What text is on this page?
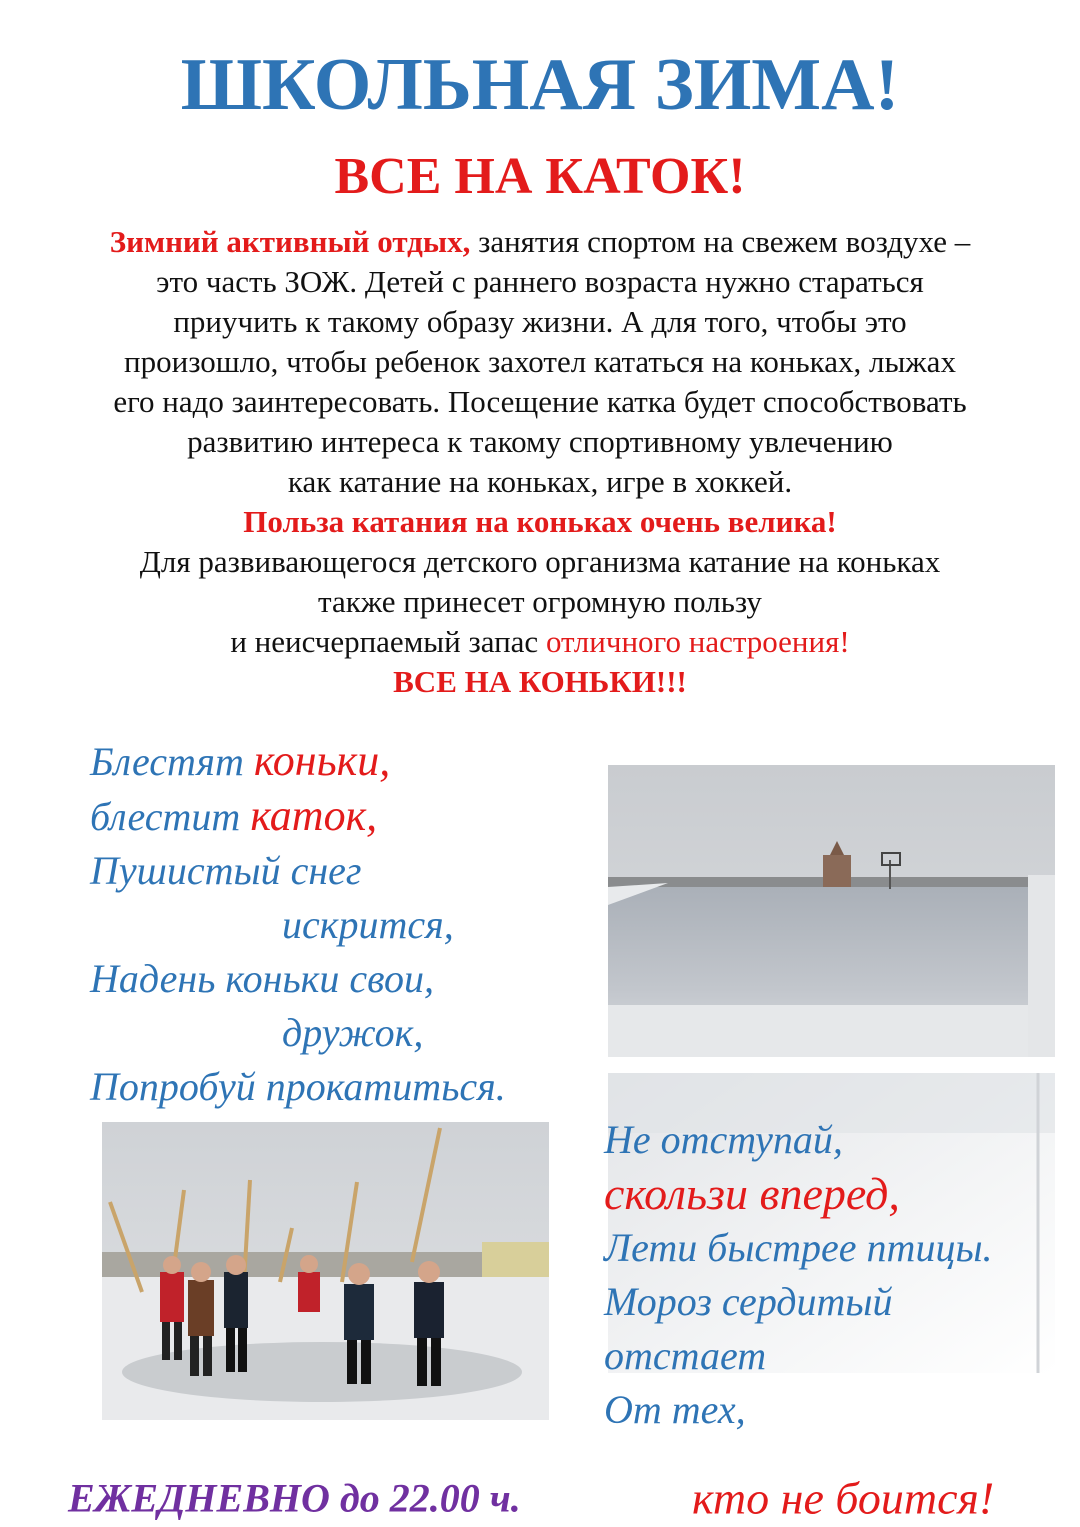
ШКОЛЬНАЯ ЗИМА!
ВСЕ НА КАТОК!

Зимний активный отдых, занятия спортом на свежем воздухе –

это часть ЗОЖ. Детей с раннего возраста нужно стараться

приучить к такому образу жизни. А для того, чтобы это

произошло, чтобы ребенок захотел кататься на коньках, лыжах

его надо заинтересовать. Посещение катка будет способствовать

развитию интереса к такому спортивному увлечению

как катание на коньках, игре в хоккей.

Польза катания на коньках очень велика!

Для развивающегося детского организма катание на коньках

также принесет огромную пользу

и неисчерпаемый запас отличного настроения!

ВСЕ НА КОНЬКИ!!!

Блестят коньки,
блестит каток,
Пушистый снег
искрится,
Надень коньки свои,
дружок,
Попробуй прокатиться.
Не отступай,
скользи вперед,
Лети быстрее птицы.
Мороз сердитый
отстает
От тех,
ЕЖЕДНЕВНО до 22.00 ч.	кто не боится!
